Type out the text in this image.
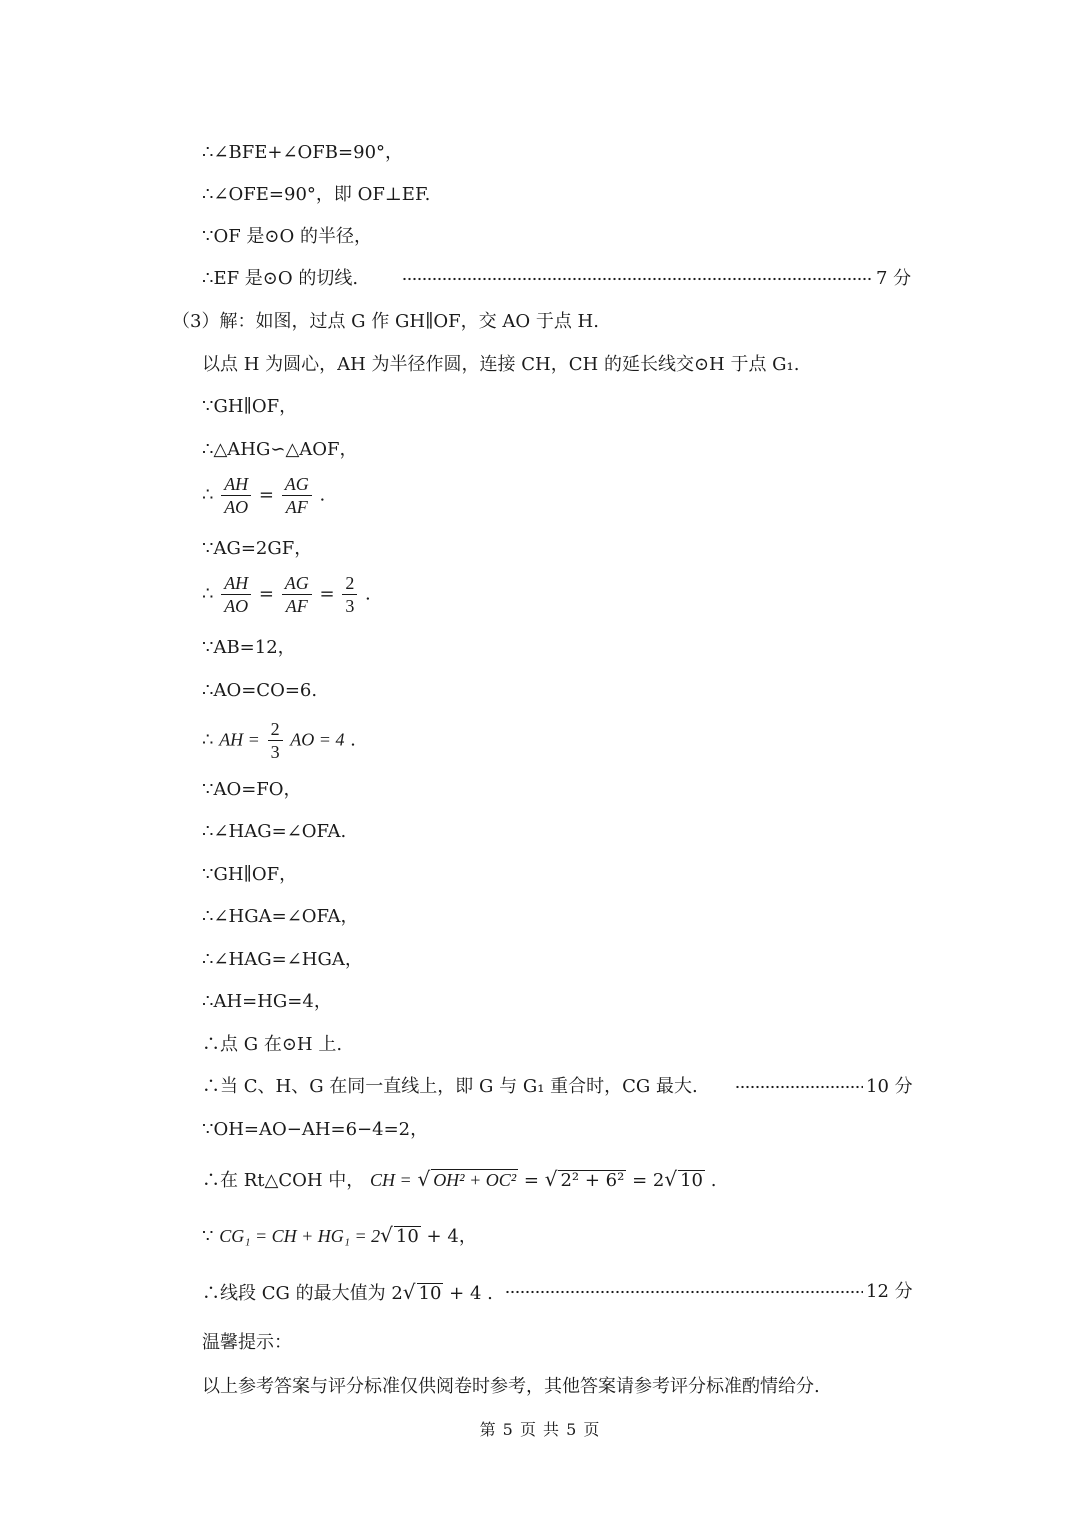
∴∠BFE+∠OFB=90°，
∴∠OFE=90°，即 OF⊥EF.
∵OF 是⊙O 的半径，
∴EF 是⊙O 的切线.	7 分
（3）解：如图，过点 G 作 GH∥OF，交 AO 于点 H.
以点 H 为圆心，AH 为半径作圆，连接 CH，CH 的延长线交⊙H 于点 G₁.
∵GH∥OF，
∴△AHG∽△AOF，
∴ $\frac{AH}{AO} = \frac{AG}{AF}$ .
∵AG=2GF，
∴ $\frac{AH}{AO} = \frac{AG}{AF} = \frac{2}{3}$ .
∵AB=12，
∴AO=CO=6.
∴ AH = $\frac{2}{3}$ AO = 4 .
∵AO=FO，
∴∠HAG=∠OFA.
∵GH∥OF，
∴∠HGA=∠OFA，
∴∠HAG=∠HGA，
∴AH=HG=4，
∴点 G 在⊙H 上.
∴当 C、H、G 在同一直线上，即 G 与 G₁ 重合时，CG 最大.	10 分
∵OH=AO−AH=6−4=2，
∴在 Rt△COH 中， CH = √ OH² + OC² = √ 2² + 6² = 2√ 10 .
∵ CG₁ = CH + HG₁ = 2√ 10 + 4，
∴线段 CG 的最大值为 2√ 10 + 4 .	12 分
温馨提示：
以上参考答案与评分标准仅供阅卷时参考，其他答案请参考评分标准酌情给分.
第 5 页 共 5 页
